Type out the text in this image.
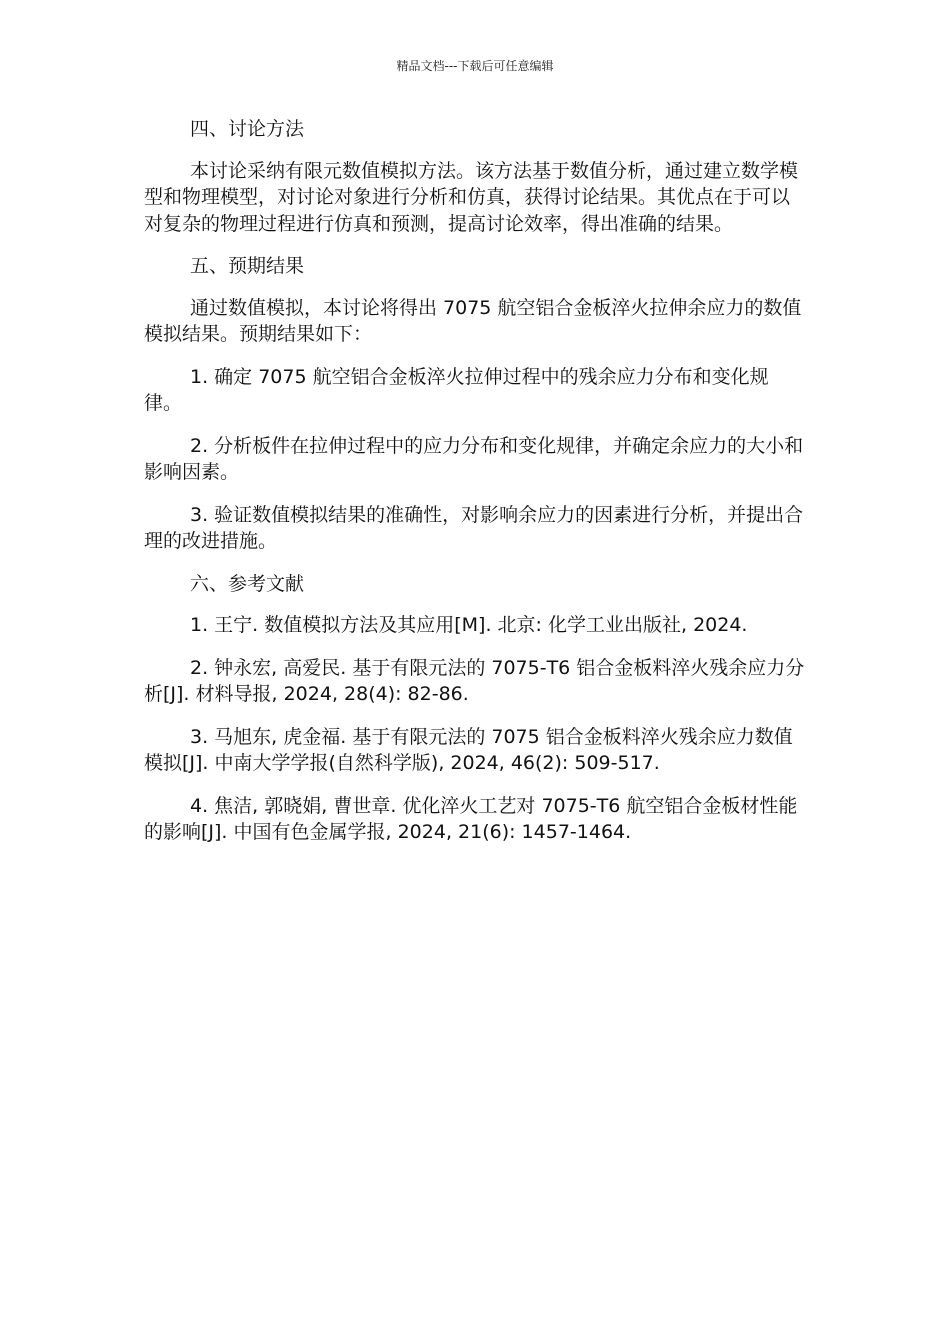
精品文档---下载后可任意编辑

四、讨论方法

本讨论采纳有限元数值模拟方法。该方法基于数值分析，通过建立数学模型和物理模型，对讨论对象进行分析和仿真，获得讨论结果。其优点在于可以对复杂的物理过程进行仿真和预测，提高讨论效率，得出准确的结果。

五、预期结果

通过数值模拟，本讨论将得出 7075 航空铝合金板淬火拉伸余应力的数值模拟结果。预期结果如下：

1. 确定 7075 航空铝合金板淬火拉伸过程中的残余应力分布和变化规律。

2. 分析板件在拉伸过程中的应力分布和变化规律，并确定余应力的大小和影响因素。

3. 验证数值模拟结果的准确性，对影响余应力的因素进行分析，并提出合理的改进措施。

六、参考文献

1. 王宁. 数值模拟方法及其应用[M]. 北京: 化学工业出版社, 2024.

2. 钟永宏, 高爱民. 基于有限元法的 7075-T6 铝合金板料淬火残余应力分析[J]. 材料导报, 2024, 28(4): 82-86.

3. 马旭东, 虎金福. 基于有限元法的 7075 铝合金板料淬火残余应力数值模拟[J]. 中南大学学报(自然科学版), 2024, 46(2): 509-517.

4. 焦洁, 郭晓娟, 曹世章. 优化淬火工艺对 7075-T6 航空铝合金板材性能的影响[J]. 中国有色金属学报, 2024, 21(6): 1457-1464.
